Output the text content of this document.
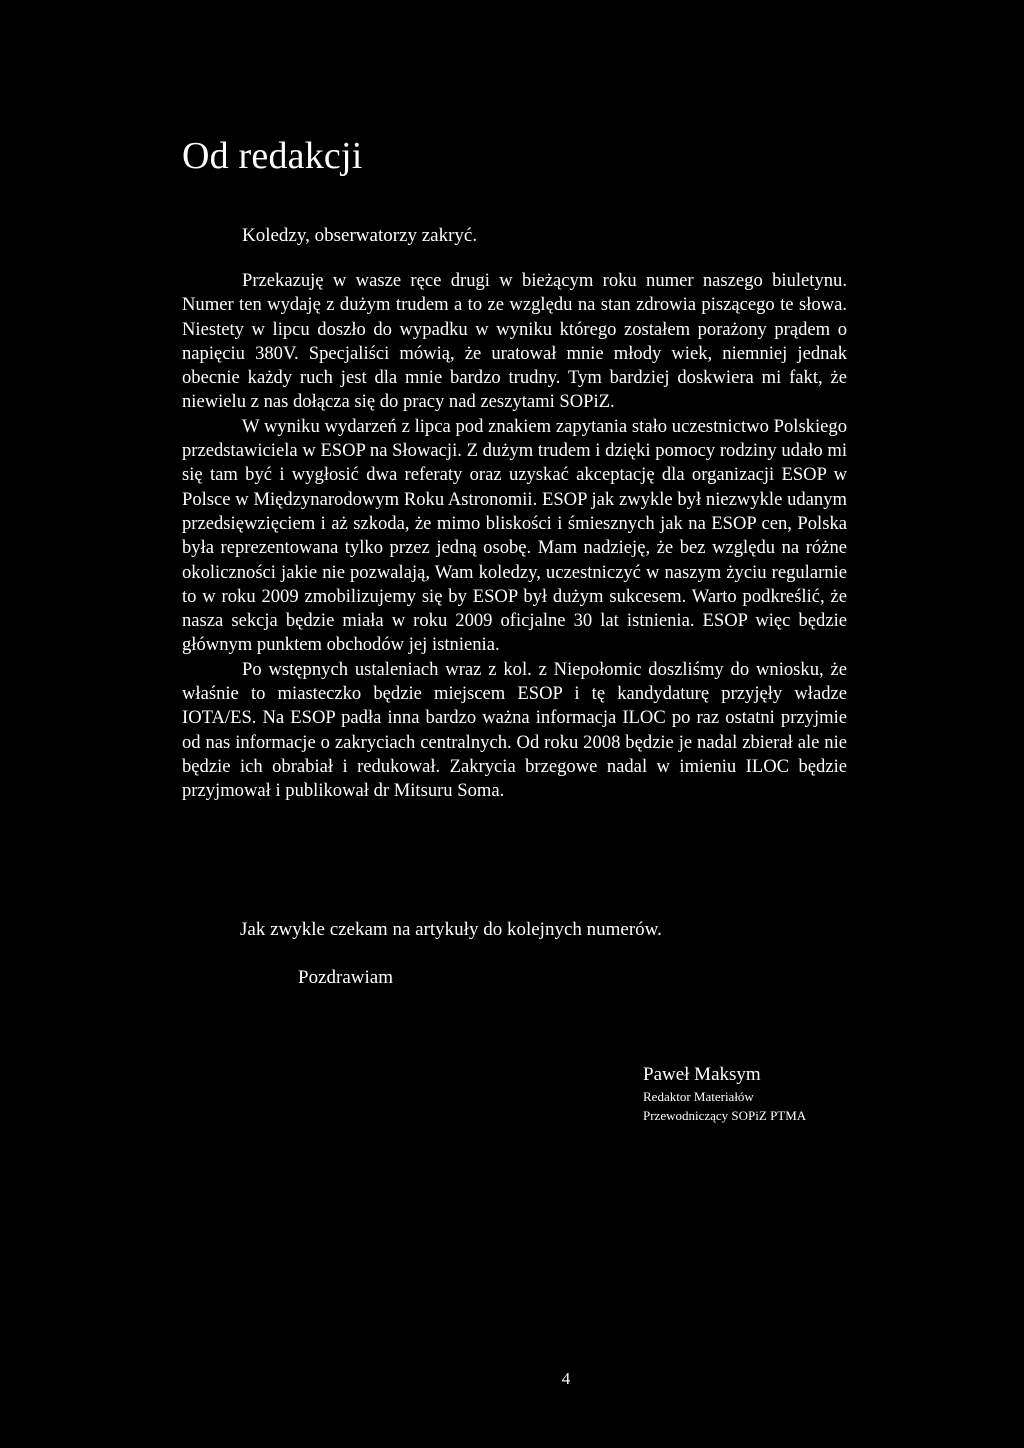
Od redakcji

Koledzy, obserwatorzy zakryć.

Przekazuję w wasze ręce drugi w bieżącym roku numer naszego biuletynu. Numer ten wydaję z dużym trudem a to ze względu na stan zdrowia piszącego te słowa. Niestety w lipcu doszło do wypadku w wyniku którego zostałem porażony prądem o napięciu 380V. Specjaliści mówią, że uratował mnie młody wiek, niemniej jednak obecnie każdy ruch jest dla mnie bardzo trudny. Tym bardziej doskwiera mi fakt, że niewielu z nas dołącza się do pracy nad zeszytami SOPiZ.

W wyniku wydarzeń z lipca pod znakiem zapytania stało uczestnictwo Polskiego przedstawiciela w ESOP na Słowacji. Z dużym trudem i dzięki pomocy rodziny udało mi się tam być i wygłosić dwa referaty oraz uzyskać akceptację dla organizacji ESOP w Polsce w Międzynarodowym Roku Astronomii. ESOP jak zwykle był niezwykle udanym przedsięwzięciem i aż szkoda, że mimo bliskości i śmiesznych jak na ESOP cen, Polska była reprezentowana tylko przez jedną osobę. Mam nadzieję, że bez względu na różne okoliczności jakie nie pozwalają, Wam koledzy, uczestniczyć w naszym życiu regularnie to w roku 2009 zmobilizujemy się by ESOP był dużym sukcesem. Warto podkreślić, że nasza sekcja będzie miała w roku 2009 oficjalne 30 lat istnienia. ESOP więc będzie głównym punktem obchodów jej istnienia.

Po wstępnych ustaleniach wraz z kol. z Niepołomic doszliśmy do wniosku, że właśnie to miasteczko będzie miejscem ESOP i tę kandydaturę przyjęły władze IOTA/ES. Na ESOP padła inna bardzo ważna informacja ILOC po raz ostatni przyjmie od nas informacje o zakryciach centralnych. Od roku 2008 będzie je nadal zbierał ale nie będzie ich obrabiał i redukował. Zakrycia brzegowe nadal w imieniu ILOC będzie przyjmował i publikował dr Mitsuru Soma.

Jak zwykle czekam na artykuły do kolejnych numerów.

Pozdrawiam

Paweł Maksym

Redaktor Materiałów

Przewodniczący SOPiZ PTMA

4
